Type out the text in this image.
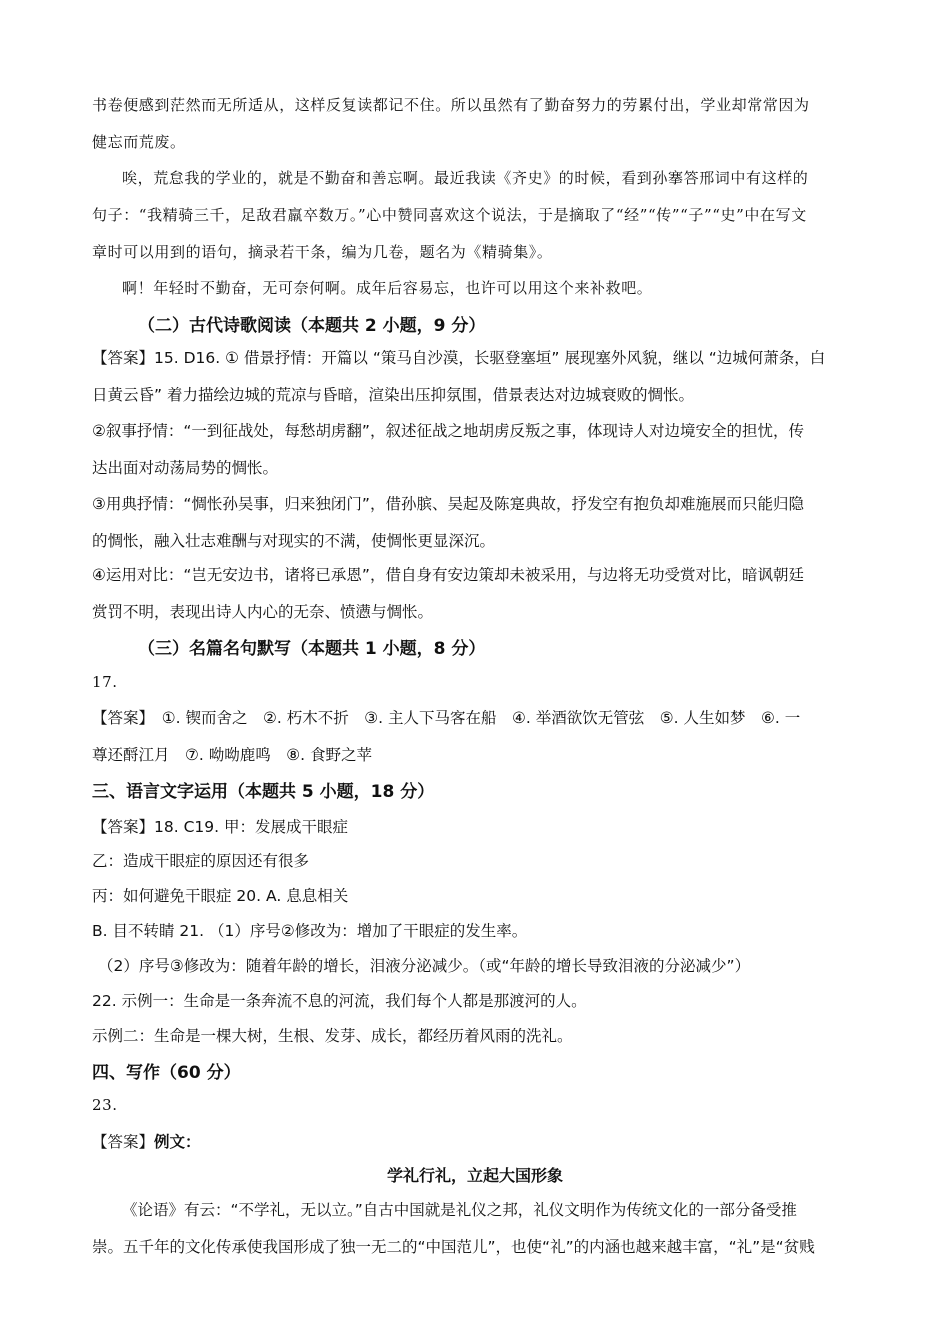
书卷便感到茫然而无所适从，这样反复读都记不住。所以虽然有了勤奋努力的劳累付出，学业却常常因为
健忘而荒废。
唉，荒怠我的学业的，就是不勤奋和善忘啊。最近我读《齐史》的时候，看到孙搴答邢词中有这样的
句子：“我精骑三千，足敌君羸卒数万。”心中赞同喜欢这个说法，于是摘取了“经”“传”“子”“史”中在写文
章时可以用到的语句，摘录若干条，编为几卷，题名为《精骑集》。
啊！年轻时不勤奋，无可奈何啊。成年后容易忘，也许可以用这个来补救吧。
（二）古代诗歌阅读（本题共 2 小题，9 分）
【答案】15. D16. ① 借景抒情：开篇以 “策马自沙漠，长驱登塞垣” 展现塞外风貌，继以 “边城何萧条，白
日黄云昏” 着力描绘边城的荒凉与昏暗，渲染出压抑氛围，借景表达对边城衰败的惆怅。
②叙事抒情：“一到征战处，每愁胡虏翻”，叙述征战之地胡虏反叛之事，体现诗人对边境安全的担忧，传
达出面对动荡局势的惆怅。
③用典抒情：“惆怅孙吴事，归来独闭门”，借孙膑、吴起及陈寔典故，抒发空有抱负却难施展而只能归隐
的惆怅，融入壮志难酬与对现实的不满，使惆怅更显深沉。
④运用对比：“岂无安边书，诸将已承恩”，借自身有安边策却未被采用，与边将无功受赏对比，暗讽朝廷
赏罚不明，表现出诗人内心的无奈、愤懑与惆怅。
（三）名篇名句默写（本题共 1 小题，8 分）
17.
【答案】　①. 锲而舍之　②. 朽木不折　③. 主人下马客在船　④. 举酒欲饮无管弦　⑤. 人生如梦　⑥. 一
尊还酹江月　⑦. 呦呦鹿鸣　⑧. 食野之苹
三、语言文字运用（本题共 5 小题，18 分）
【答案】18. C19. 甲：发展成干眼症
乙：造成干眼症的原因还有很多
丙：如何避免干眼症 20. A. 息息相关
B. 目不转睛 21. （1）序号②修改为：增加了干眼症的发生率。
（2）序号③修改为：随着年龄的增长，泪液分泌减少。（或“年龄的增长导致泪液的分泌减少”）
22. 示例一：生命是一条奔流不息的河流，我们每个人都是那渡河的人。
示例二：生命是一棵大树，生根、发芽、成长，都经历着风雨的洗礼。
四、写作（60 分）
23.
【答案】例文：
学礼行礼，立起大国形象
《论语》有云：“不学礼，无以立。”自古中国就是礼仪之邦，礼仪文明作为传统文化的一部分备受推
崇。五千年的文化传承使我国形成了独一无二的“中国范儿”，也使“礼”的内涵也越来越丰富，“礼”是“贫贱
